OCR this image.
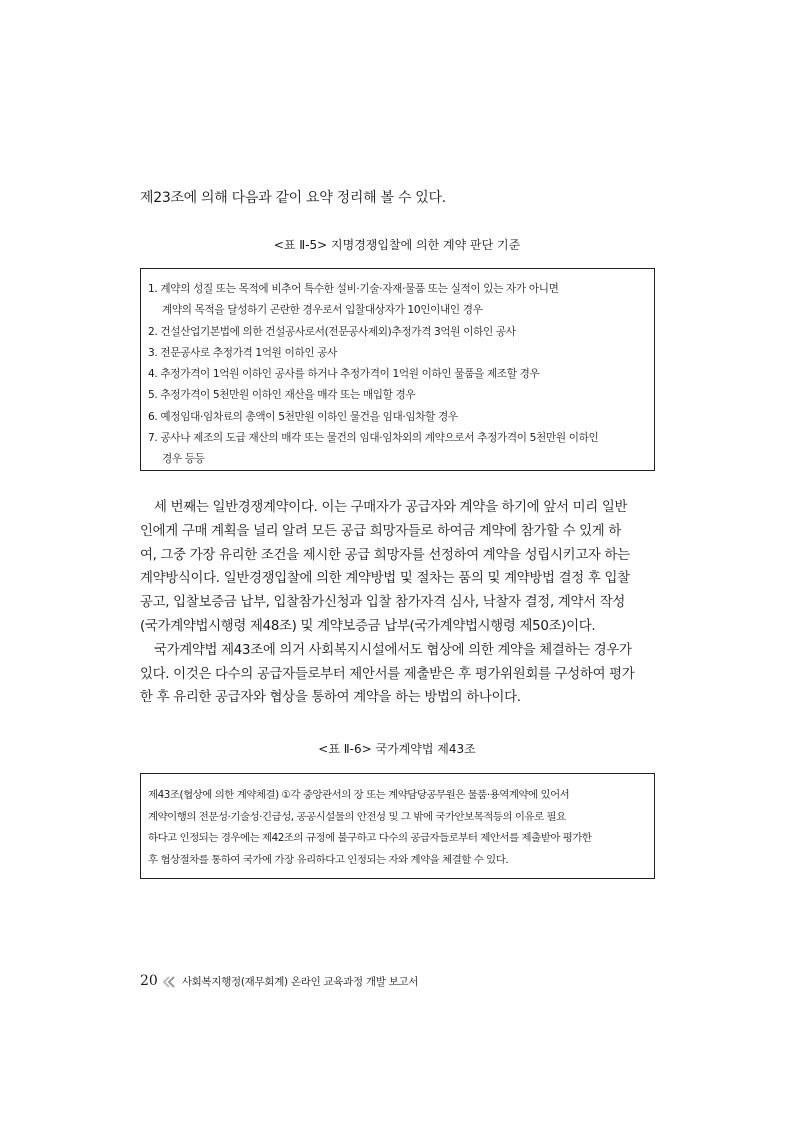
제23조에 의해 다음과 같이 요약 정리해 볼 수 있다.
<표 Ⅱ-5> 지명경쟁입찰에 의한 계약 판단 기준
1. 계약의 성질 또는 목적에 비추어 특수한 설비·기술·자재·물품 또는 실적이 있는 자가 아니면
계약의 목적을 달성하기 곤란한 경우로서 입찰대상자가 10인이내인 경우
2. 건설산업기본법에 의한 건설공사로서(전문공사제외)추정가격 3억원 이하인 공사
3. 전문공사로 추정가격 1억원 이하인 공사
4. 추정가격이 1억원 이하인 공사를 하거나 추정가격이 1억원 이하인 물품을 제조할 경우
5. 추정가격이 5천만원 이하인 재산을 매각 또는 매입할 경우
6. 예정임대·임차료의 총액이 5천만원 이하인 물건을 임대·임차할 경우
7. 공사나 제조의 도급 재산의 매각 또는 물건의 임대·임차외의 계약으로서 추정가격이 5천만원 이하인
경우 등등
세 번째는 일반경쟁계약이다. 이는 구매자가 공급자와 계약을 하기에 앞서 미리 일반
인에게 구매 계획을 널리 알려 모든 공급 희망자들로 하여금 계약에 참가할 수 있게 하
여, 그중 가장 유리한 조건을 제시한 공급 희망자를 선정하여 계약을 성립시키고자 하는
계약방식이다. 일반경쟁입찰에 의한 계약방법 및 절차는 품의 및 계약방법 결정 후 입찰
공고, 입찰보증금 납부, 입찰참가신청과 입찰 참가자격 심사, 낙찰자 결정, 계약서 작성
(국가계약법시행령 제48조) 및 계약보증금 납부(국가계약법시행령 제50조)이다.
국가계약법 제43조에 의거 사회복지시설에서도 협상에 의한 계약을 체결하는 경우가
있다. 이것은 다수의 공급자들로부터 제안서를 제출받은 후 평가위원회를 구성하여 평가
한 후 유리한 공급자와 협상을 통하여 계약을 하는 방법의 하나이다.
<표 Ⅱ-6> 국가계약법 제43조
제43조(협상에 의한 계약체결) ①각 중앙관서의 장 또는 계약담당공무원은 물품·용역계약에 있어서
계약이행의 전문성·기술성·긴급성, 공공시설물의 안전성 및 그 밖에 국가안보목적등의 이유로 필요
하다고 인정되는 경우에는 제42조의 규정에 불구하고 다수의 공급자들로부터 제안서를 제출받아 평가한
후 협상절차를 통하여 국가에 가장 유리하다고 인정되는 자와 계약을 체결할 수 있다.
20 사회복지행정(재무회계) 온라인 교육과정 개발 보고서
